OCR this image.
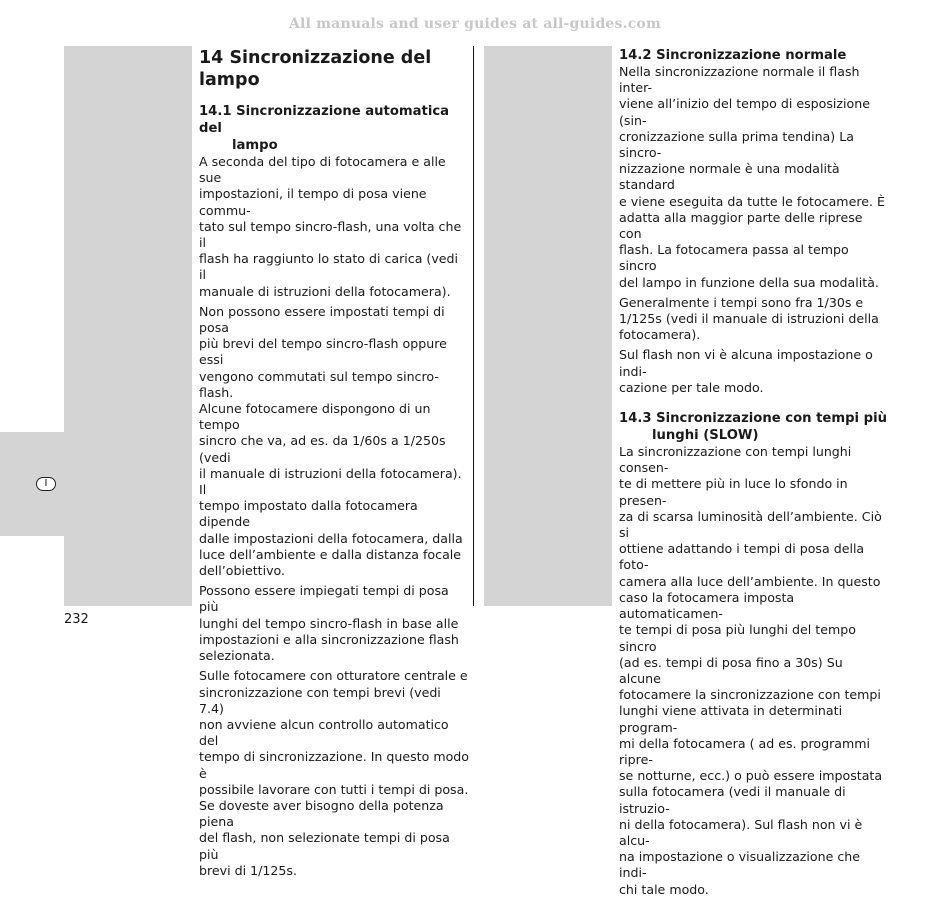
All manuals and user guides at all-guides.com
I
14 Sincronizzazione del lampo
14.1 Sincronizzazione automatica del
lampo

A seconda del tipo di fotocamera e alle sue
impostazioni, il tempo di posa viene commu-
tato sul tempo sincro-flash, una volta che il
flash ha raggiunto lo stato di carica (vedi il
manuale di istruzioni della fotocamera).

Non possono essere impostati tempi di posa
più brevi del tempo sincro-flash oppure essi
vengono commutati sul tempo sincro-flash.
Alcune fotocamere dispongono di un tempo
sincro che va, ad es. da 1/60s a 1/250s (vedi
il manuale di istruzioni della fotocamera). Il
tempo impostato dalla fotocamera dipende
dalle impostazioni della fotocamera, dalla
luce dell’ambiente e dalla distanza focale
dell’obiettivo.

Possono essere impiegati tempi di posa più
lunghi del tempo sincro-flash in base alle
impostazioni e alla sincronizzazione flash
selezionata.

Sulle fotocamere con otturatore centrale e
sincronizzazione con tempi brevi (vedi 7.4)
non avviene alcun controllo automatico del
tempo di sincronizzazione. In questo modo è
possibile lavorare con tutti i tempi di posa.
Se doveste aver bisogno della potenza piena
del flash, non selezionate tempi di posa più
brevi di 1/125s.

14.2 Sincronizzazione normale

Nella sincronizzazione normale il flash inter-
viene all’inizio del tempo di esposizione (sin-
cronizzazione sulla prima tendina) La sincro-
nizzazione normale è una modalità standard
e viene eseguita da tutte le fotocamere. È
adatta alla maggior parte delle riprese con
flash. La fotocamera passa al tempo sincro
del lampo in funzione della sua modalità.

Generalmente i tempi sono fra 1/30s e
1/125s (vedi il manuale di istruzioni della
fotocamera).

Sul flash non vi è alcuna impostazione o indi-
cazione per tale modo.

14.3 Sincronizzazione con tempi più
lunghi (SLOW)

La sincronizzazione con tempi lunghi consen-
te di mettere più in luce lo sfondo in presen-
za di scarsa luminosità dell’ambiente. Ciò si
ottiene adattando i tempi di posa della foto-
camera alla luce dell’ambiente. In questo
caso la fotocamera imposta automaticamen-
te tempi di posa più lunghi del tempo sincro
(ad es. tempi di posa fino a 30s) Su alcune
fotocamere la sincronizzazione con tempi
lunghi viene attivata in determinati program-
mi della fotocamera ( ad es. programmi ripre-
se notturne, ecc.) o può essere impostata
sulla fotocamera (vedi il manuale di istruzio-
ni della fotocamera). Sul flash non vi è alcu-
na impostazione o visualizzazione che indi-
chi tale modo.

232
